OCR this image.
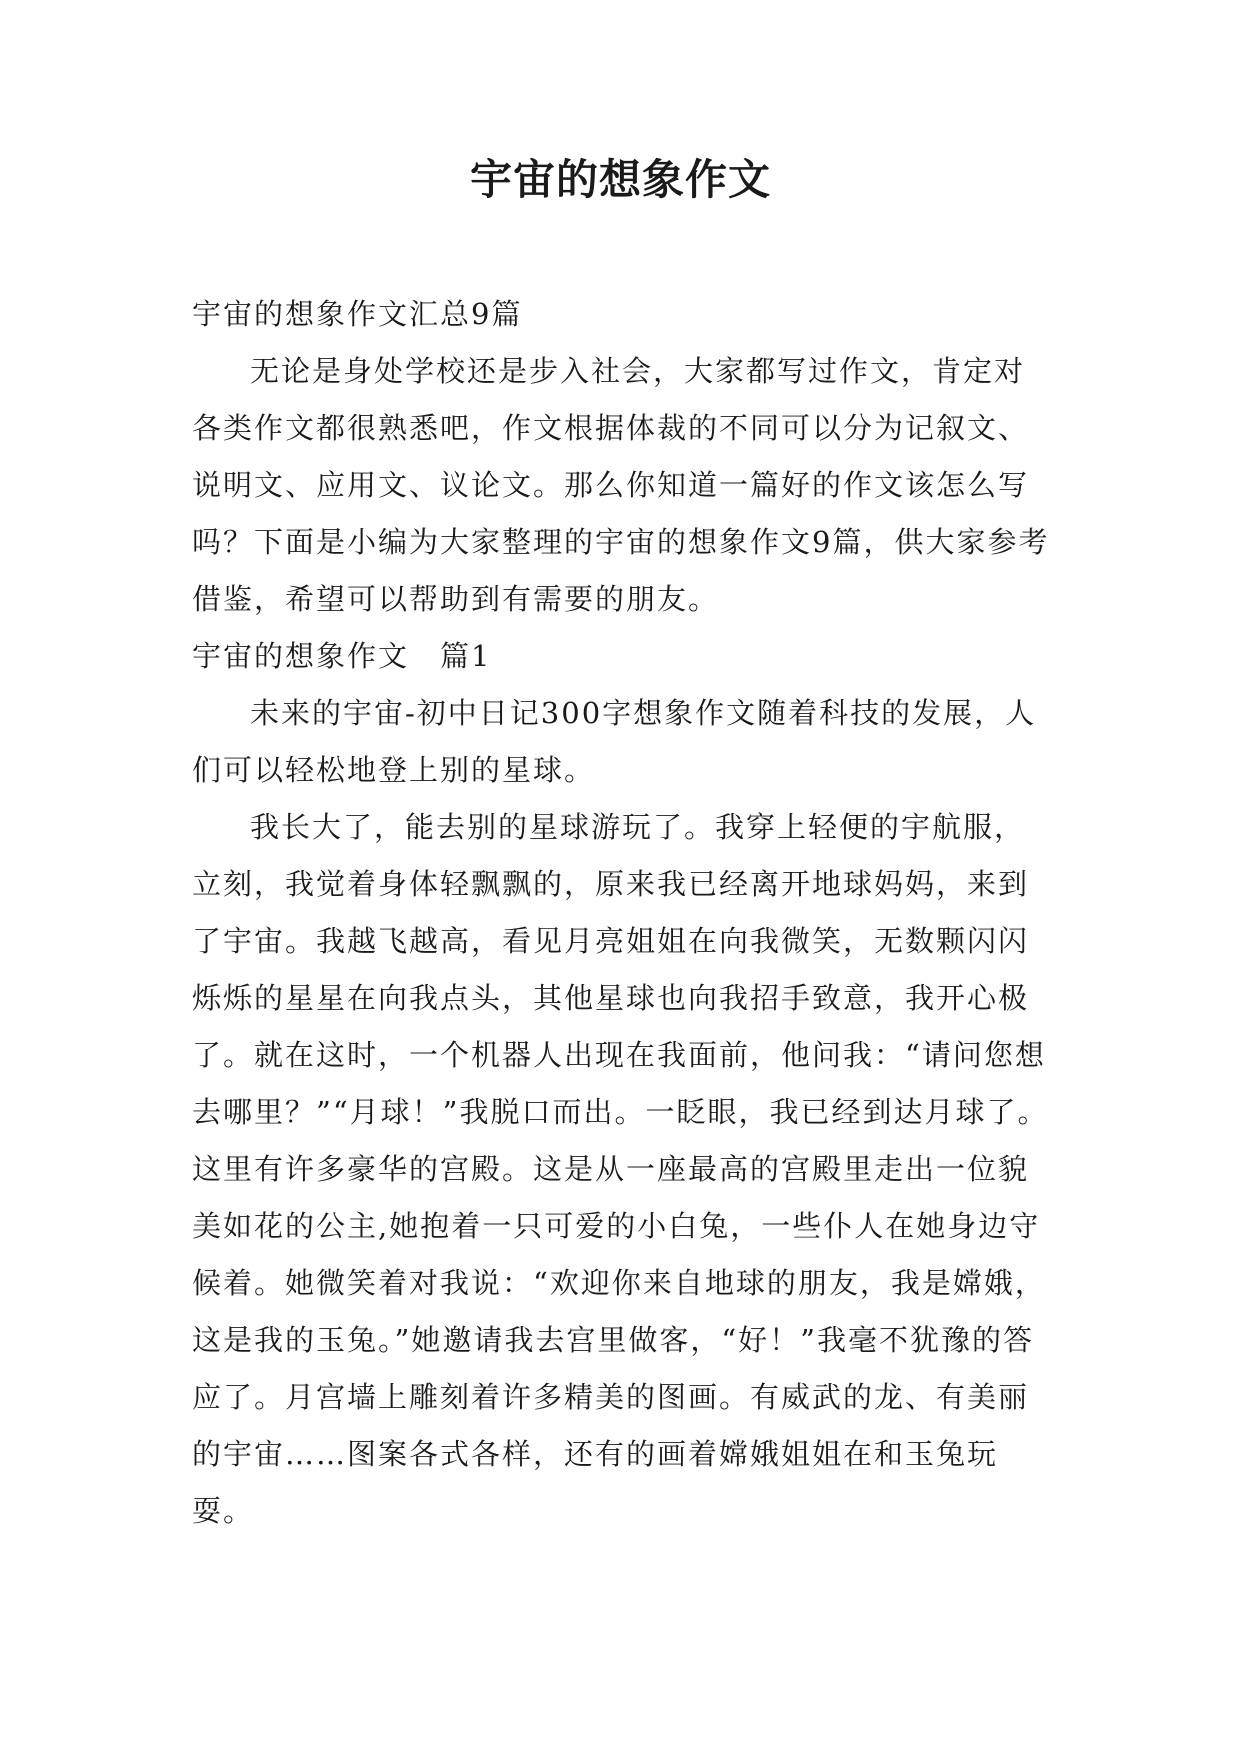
宇宙的想象作文

宇宙的想象作文汇总9篇

无论是身处学校还是步入社会，大家都写过作文，肯定对各类作文都很熟悉吧，作文根据体裁的不同可以分为记叙文、说明文、应用文、议论文。那么你知道一篇好的作文该怎么写吗？下面是小编为大家整理的宇宙的想象作文9篇，供大家参考借鉴，希望可以帮助到有需要的朋友。

宇宙的想象作文　篇1

未来的宇宙-初中日记300字想象作文随着科技的发展，人们可以轻松地登上别的星球。

我长大了，能去别的星球游玩了。我穿上轻便的宇航服，立刻，我觉着身体轻飘飘的，原来我已经离开地球妈妈，来到了宇宙。我越飞越高，看见月亮姐姐在向我微笑，无数颗闪闪烁烁的星星在向我点头，其他星球也向我招手致意，我开心极了。就在这时，一个机器人出现在我面前，他问我：“请问您想去哪里？”“月球！”我脱口而出。一眨眼，我已经到达月球了。这里有许多豪华的宫殿。这是从一座最高的宫殿里走出一位貌美如花的公主,她抱着一只可爱的小白兔，一些仆人在她身边守候着。她微笑着对我说：“欢迎你来自地球的朋友，我是嫦娥，这是我的玉兔。”她邀请我去宫里做客，“好！”我毫不犹豫的答应了。月宫墙上雕刻着许多精美的图画。有威武的龙、有美丽的宇宙……图案各式各样，还有的画着嫦娥姐姐在和玉兔玩耍。
